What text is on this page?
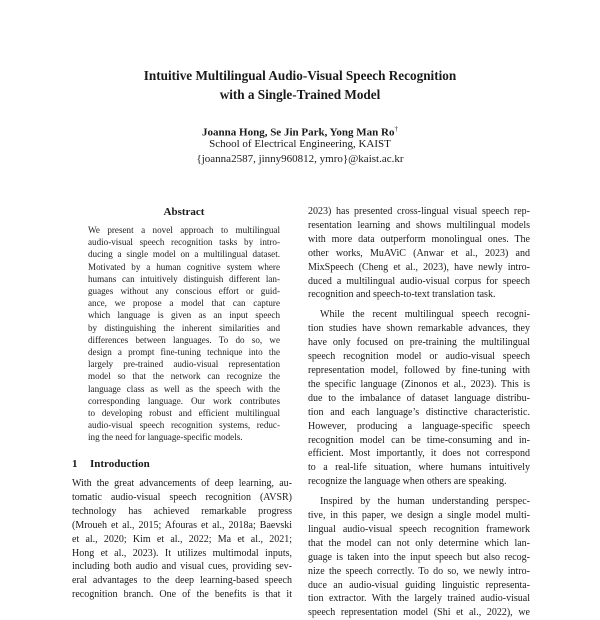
Intuitive Multilingual Audio-Visual Speech Recognition
with a Single-Trained Model
Joanna Hong, Se Jin Park, Yong Man Ro†
School of Electrical Engineering, KAIST
{joanna2587, jinny960812, ymro}@kaist.ac.kr
Abstract
We present a novel approach to multilingual
audio-visual speech recognition tasks by intro-
ducing a single model on a multilingual dataset.
Motivated by a human cognitive system where
humans can intuitively distinguish different lan-
guages without any conscious effort or guid-
ance, we propose a model that can capture
which language is given as an input speech
by distinguishing the inherent similarities and
differences between languages. To do so, we
design a prompt fine-tuning technique into the
largely pre-trained audio-visual representation
model so that the network can recognize the
language class as well as the speech with the
corresponding language. Our work contributes
to developing robust and efficient multilingual
audio-visual speech recognition systems, reduc-
ing the need for language-specific models.
1 Introduction
With the great advancements of deep learning, au-
tomatic audio-visual speech recognition (AVSR)
technology has achieved remarkable progress
(Mroueh et al., 2015; Afouras et al., 2018a; Baevski
et al., 2020; Kim et al., 2022; Ma et al., 2021;
Hong et al., 2023). It utilizes multimodal inputs,
including both audio and visual cues, providing sev-
eral advantages to the deep learning-based speech
recognition branch. One of the benefits is that it
2023) has presented cross-lingual visual speech rep-
resentation learning and shows multilingual models
with more data outperform monolingual ones. The
other works, MuAViC (Anwar et al., 2023) and
MixSpeech (Cheng et al., 2023), have newly intro-
duced a multilingual audio-visual corpus for speech
recognition and speech-to-text translation task.
While the recent multilingual speech recogni-
tion studies have shown remarkable advances, they
have only focused on pre-training the multilingual
speech recognition model or audio-visual speech
representation model, followed by fine-tuning with
the specific language (Zinonos et al., 2023). This is
due to the imbalance of dataset language distribu-
tion and each language’s distinctive characteristic.
However, producing a language-specific speech
recognition model can be time-consuming and in-
efficient. Most importantly, it does not correspond
to a real-life situation, where humans intuitively
recognize the language when others are speaking.
Inspired by the human understanding perspec-
tive, in this paper, we design a single model multi-
lingual audio-visual speech recognition framework
that the model can not only determine which lan-
guage is taken into the input speech but also recog-
nize the speech correctly. To do so, we newly intro-
duce an audio-visual guiding linguistic representa-
tion extractor. With the largely trained audio-visual
speech representation model (Shi et al., 2022), we
